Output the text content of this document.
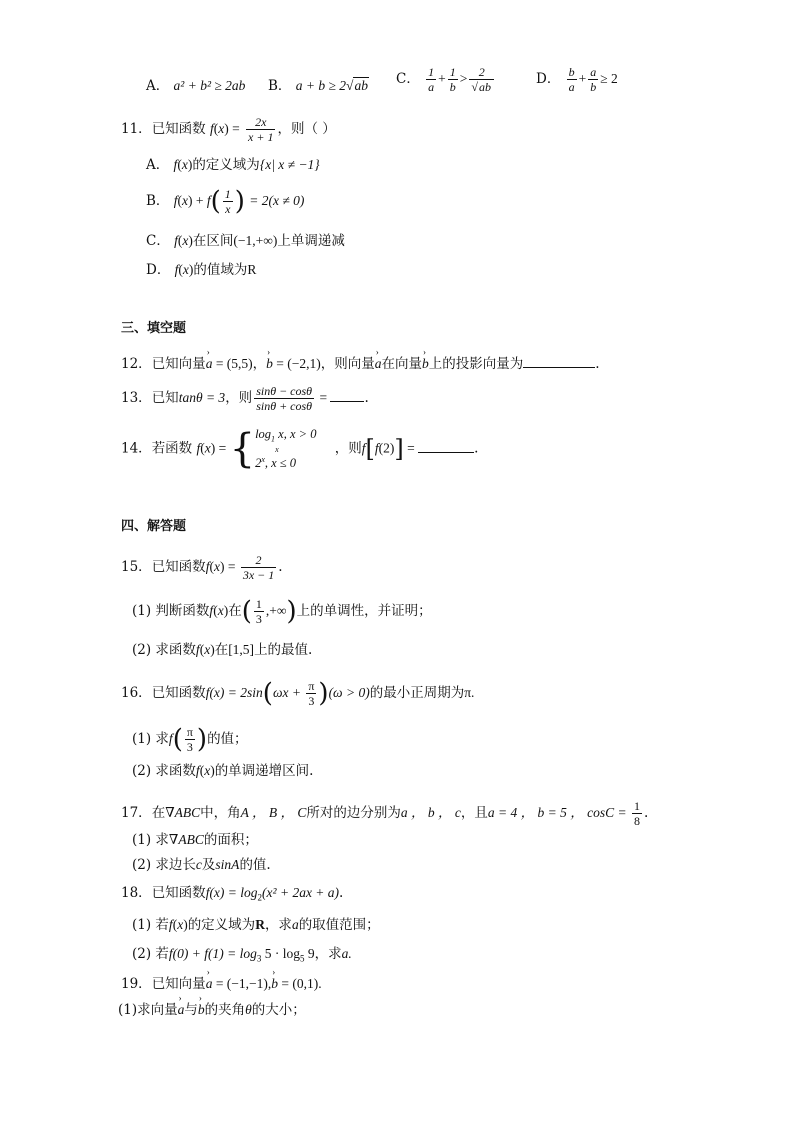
A． a² + b² ≥ 2ab B． a + b ≥ 2√ab C． $\frac{1}{a} + \frac{1}{b} > \frac{2}{√ab}$	D． $\frac{b}{a} + \frac{a}{b} \ge 2$
11．已知函数 $f(x) = \frac{2x}{x + 1}$ ，则（ ）
A． f(x)的定义域为{x| x ≠ −1}
B． $f(x) + f( \frac{1}{x}$ ) = 2(x ≠ 0)
C． f(x)在区间(−1,+∞)上单调递减
D． f(x)的值域为R
三、填空题
12．已知向量› a = (5,5)，› b = (−2,1)，则向量› a在向量› b上的投影向量为	.
13．已知tanθ = 3，则 $\frac{\sin\theta - \cos\theta}{\sin\theta + \cos\theta}$ =	.
14．若函数 f(x) = { $\log_1 x$, x > 0
x
2$^x$, x ≤ 0
，则f[f(2)] =	.
四、解答题
15．已知函数$f(x) = \frac{2}{3x - 1}$ .
(1) 判断函数f(x)在( $\frac{1}{3}$ ,+∞)上的单调性，并证明；
(2) 求函数f(x)在[1,5]上的最值.
16．已知函数$f(x) = 2\sin(\omega x + \frac{\pi}{3} )(\omega > 0)$的最小正周期为π.
(1) 求$f( \frac{\pi}{3}$ )的值；
(2) 求函数f(x)的单调递增区间.
17．在∇ABC中，角A ， B ， C所对的边分别为a ， b ， c，且a = 4 ， b = 5 ， $\cos C = \frac{1}{8}$ .
(1) 求∇ABC的面积；
(2) 求边长c及sinA的值.
18．已知函数$f(x) = \log_2(x^2 + 2ax + a)$.
(1) 若f(x)的定义域为R，求a的取值范围；
(2) 若$f(0) + f(1) = \log_3 5 \cdot \log_5 9$，求a.
19．已知向量› a = (−1,−1),› b = (0,1).
(1)求向量› a与› b的夹角θ的大小；
